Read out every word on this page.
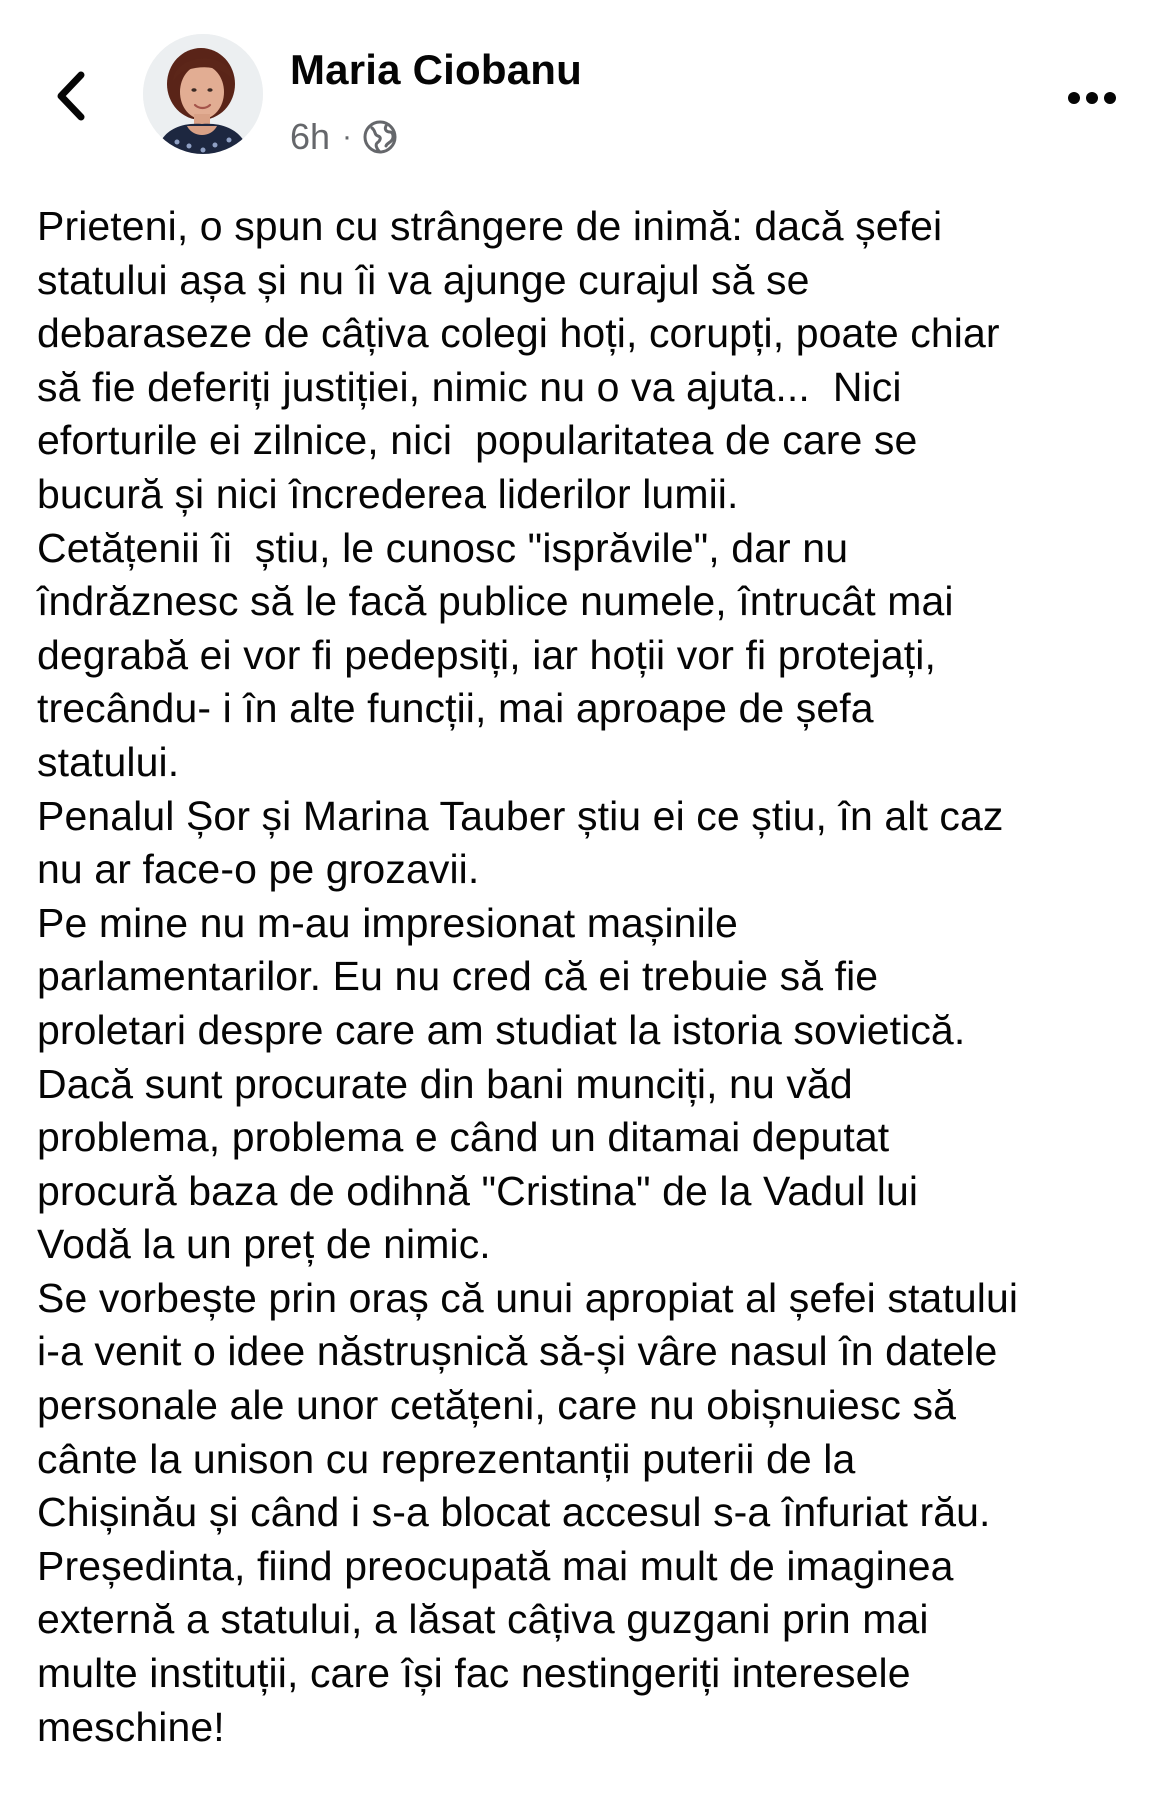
Maria Ciobanu
6h ·

Prieteni, o spun cu strângere de inimă: dacă șefei
statului așa și nu îi va ajunge curajul să se
debaraseze de câțiva colegi hoți, corupți, poate chiar
să fie deferiți justiției, nimic nu o va ajuta...  Nici
eforturile ei zilnice, nici  popularitatea de care se
bucură și nici încrederea liderilor lumii.
Cetățenii îi  știu, le cunosc "isprăvile", dar nu
îndrăznesc să le facă publice numele, întrucât mai
degrabă ei vor fi pedepsiți, iar hoții vor fi protejați,
trecându- i în alte funcții, mai aproape de șefa
statului.
Penalul Șor și Marina Tauber știu ei ce știu, în alt caz
nu ar face-o pe grozavii.
Pe mine nu m-au impresionat mașinile
parlamentarilor. Eu nu cred că ei trebuie să fie
proletari despre care am studiat la istoria sovietică.
Dacă sunt procurate din bani munciți, nu văd
problema, problema e când un ditamai deputat
procură baza de odihnă "Cristina" de la Vadul lui
Vodă la un preț de nimic.
Se vorbește prin oraș că unui apropiat al șefei statului
i-a venit o idee năstrușnică să-și vâre nasul în datele
personale ale unor cetățeni, care nu obișnuiesc să
cânte la unison cu reprezentanții puterii de la
Chișinău și când i s-a blocat accesul s-a înfuriat rău.
Președinta, fiind preocupată mai mult de imaginea
externă a statului, a lăsat câțiva guzgani prin mai
multe instituții, care își fac nestingeriți interesele
meschine!
